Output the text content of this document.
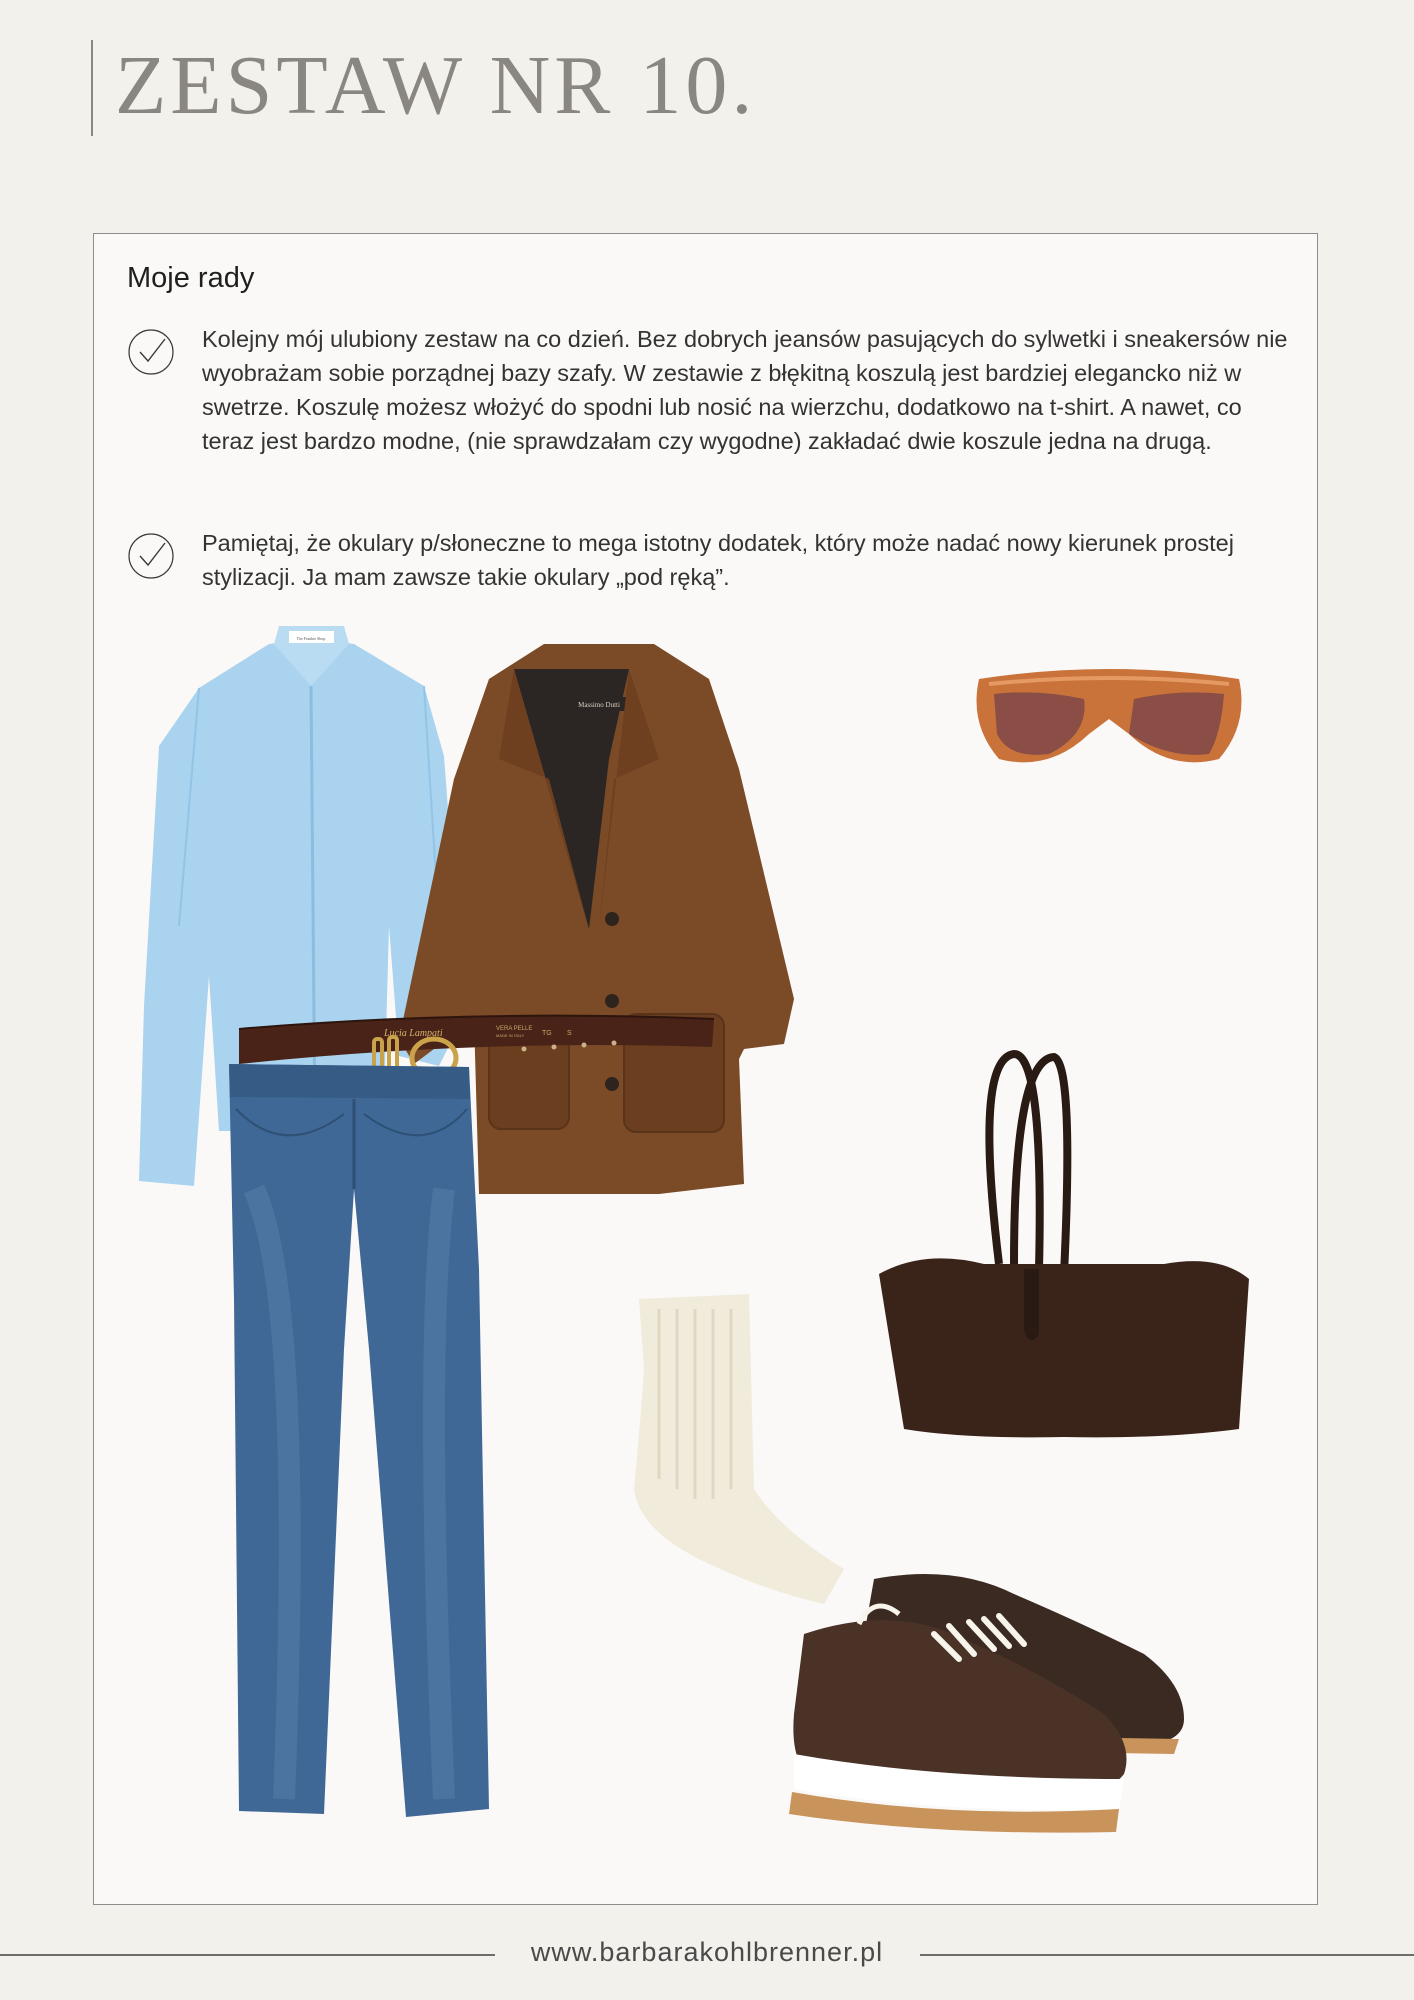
ZESTAW NR 10.
Moje rady
Kolejny mój ulubiony zestaw na co dzień. Bez dobrych jeansów pasujących do sylwetki i sneakersów nie wyobrażam sobie porządnej bazy szafy. W zestawie z błękitną koszulą jest bardziej elegancko niż w swetrze. Koszulę możesz włożyć do spodni lub nosić na wierzchu, dodatkowo na t-shirt. A nawet, co teraz jest bardzo modne, (nie sprawdzałam czy wygodne) zakładać dwie koszule jedna na drugą.
Pamiętaj, że okulary p/słoneczne to mega istotny dodatek, który może nadać nowy kierunek prostej stylizacji. Ja mam zawsze takie okulary „pod ręką”.
The Frankie Shop
Massimo Dutti
Lucia Lampati	VERA PELLE
MADE IN ITALY	TG S
www.barbarakohlbrenner.pl
